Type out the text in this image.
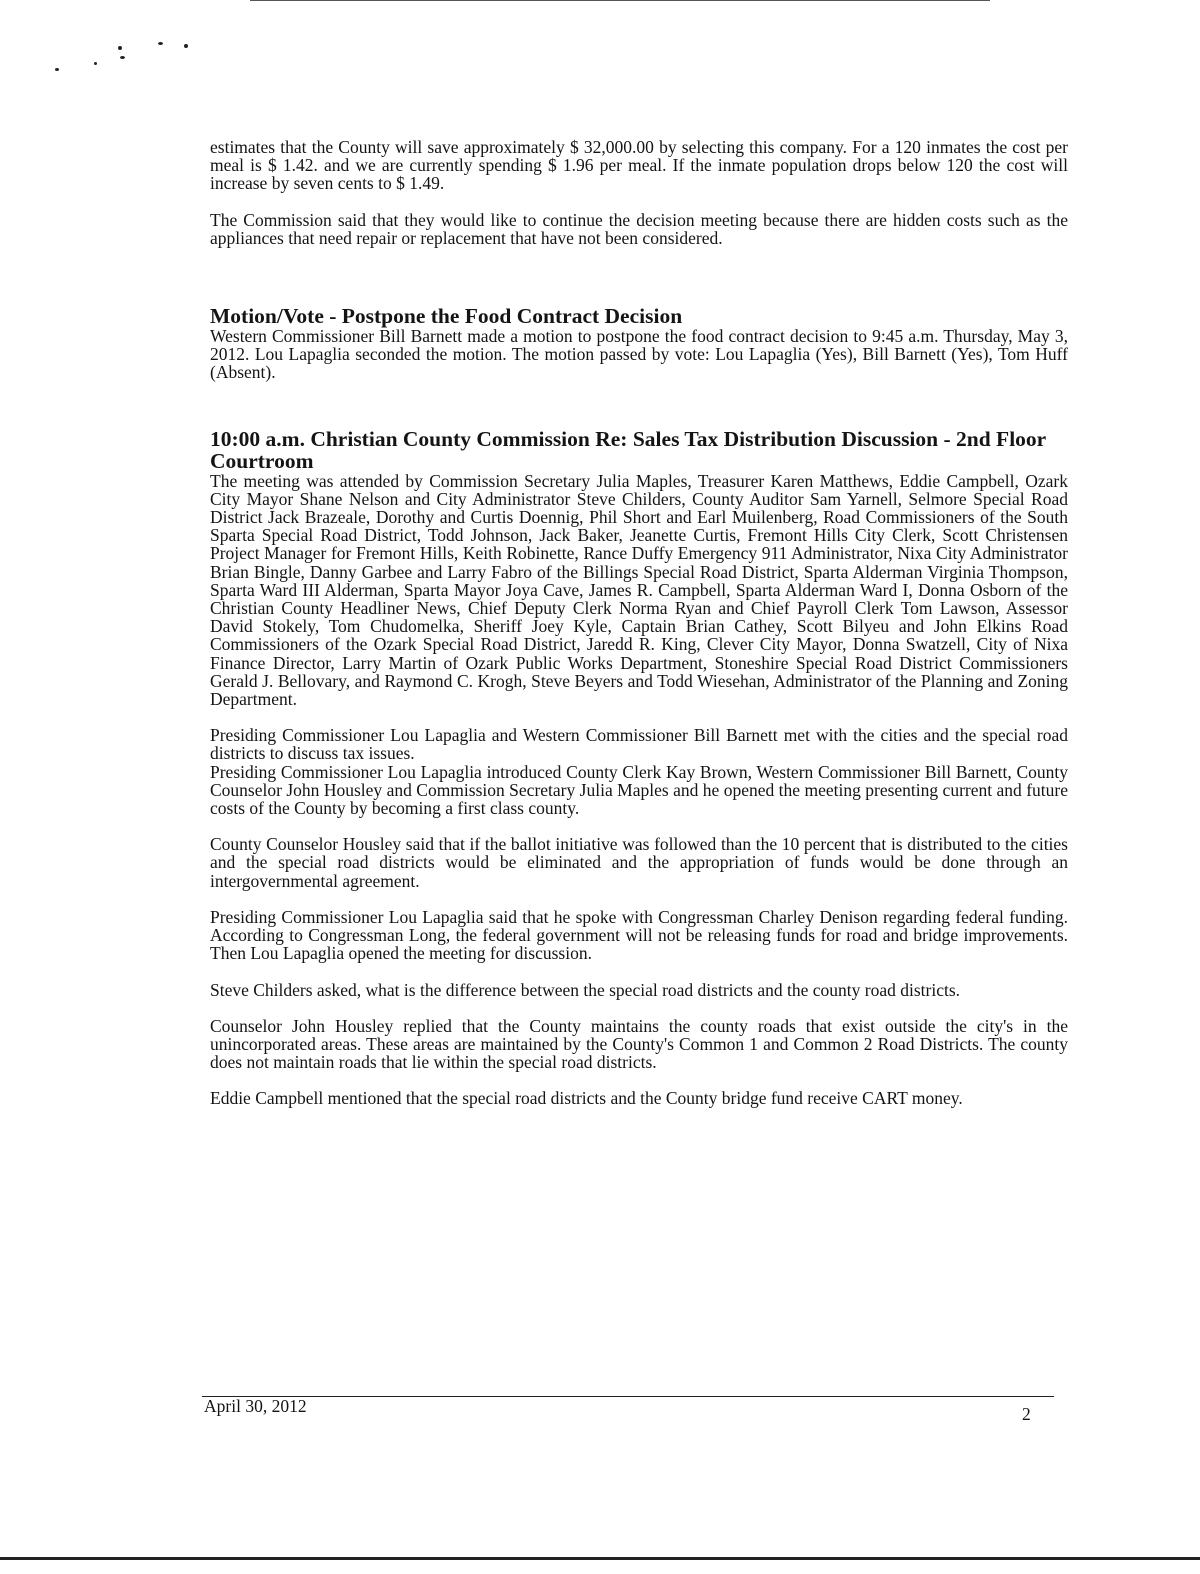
estimates that the County will save approximately $ 32,000.00 by selecting this company. For a 120 inmates the cost per meal is $ 1.42. and we are currently spending $ 1.96 per meal. If the inmate population drops below 120 the cost will increase by seven cents to $ 1.49.

The Commission said that they would like to continue the decision meeting because there are hidden costs such as the appliances that need repair or replacement that have not been considered.

Motion/Vote - Postpone the Food Contract Decision

Western Commissioner Bill Barnett made a motion to postpone the food contract decision to 9:45 a.m. Thursday, May 3, 2012. Lou Lapaglia seconded the motion. The motion passed by vote: Lou Lapaglia (Yes), Bill Barnett (Yes), Tom Huff (Absent).

10:00 a.m. Christian County Commission Re: Sales Tax Distribution Discussion - 2nd Floor Courtroom

The meeting was attended by Commission Secretary Julia Maples, Treasurer Karen Matthews, Eddie Campbell, Ozark City Mayor Shane Nelson and City Administrator Steve Childers, County Auditor Sam Yarnell, Selmore Special Road District Jack Brazeale, Dorothy and Curtis Doennig, Phil Short and Earl Muilenberg, Road Commissioners of the South Sparta Special Road District, Todd Johnson, Jack Baker, Jeanette Curtis, Fremont Hills City Clerk, Scott Christensen Project Manager for Fremont Hills, Keith Robinette, Rance Duffy Emergency 911 Administrator, Nixa City Administrator Brian Bingle, Danny Garbee and Larry Fabro of the Billings Special Road District, Sparta Alderman Virginia Thompson, Sparta Ward III Alderman, Sparta Mayor Joya Cave, James R. Campbell, Sparta Alderman Ward I, Donna Osborn of the Christian County Headliner News, Chief Deputy Clerk Norma Ryan and Chief Payroll Clerk Tom Lawson, Assessor David Stokely, Tom Chudomelka, Sheriff Joey Kyle, Captain Brian Cathey, Scott Bilyeu and John Elkins Road Commissioners of the Ozark Special Road District, Jaredd R. King, Clever City Mayor, Donna Swatzell, City of Nixa Finance Director, Larry Martin of Ozark Public Works Department, Stoneshire Special Road District Commissioners Gerald J. Bellovary, and Raymond C. Krogh, Steve Beyers and Todd Wiesehan, Administrator of the Planning and Zoning Department.

Presiding Commissioner Lou Lapaglia and Western Commissioner Bill Barnett met with the cities and the special road districts to discuss tax issues.

Presiding Commissioner Lou Lapaglia introduced County Clerk Kay Brown, Western Commissioner Bill Barnett, County Counselor John Housley and Commission Secretary Julia Maples and he opened the meeting presenting current and future costs of the County by becoming a first class county.

County Counselor Housley said that if the ballot initiative was followed than the 10 percent that is distributed to the cities and the special road districts would be eliminated and the appropriation of funds would be done through an intergovernmental agreement.

Presiding Commissioner Lou Lapaglia said that he spoke with Congressman Charley Denison regarding federal funding. According to Congressman Long, the federal government will not be releasing funds for road and bridge improvements. Then Lou Lapaglia opened the meeting for discussion.

Steve Childers asked, what is the difference between the special road districts and the county road districts.

Counselor John Housley replied that the County maintains the county roads that exist outside the city's in the unincorporated areas. These areas are maintained by the County's Common 1 and Common 2 Road Districts. The county does not maintain roads that lie within the special road districts.

Eddie Campbell mentioned that the special road districts and the County bridge fund receive CART money.

April 30, 2012	2
